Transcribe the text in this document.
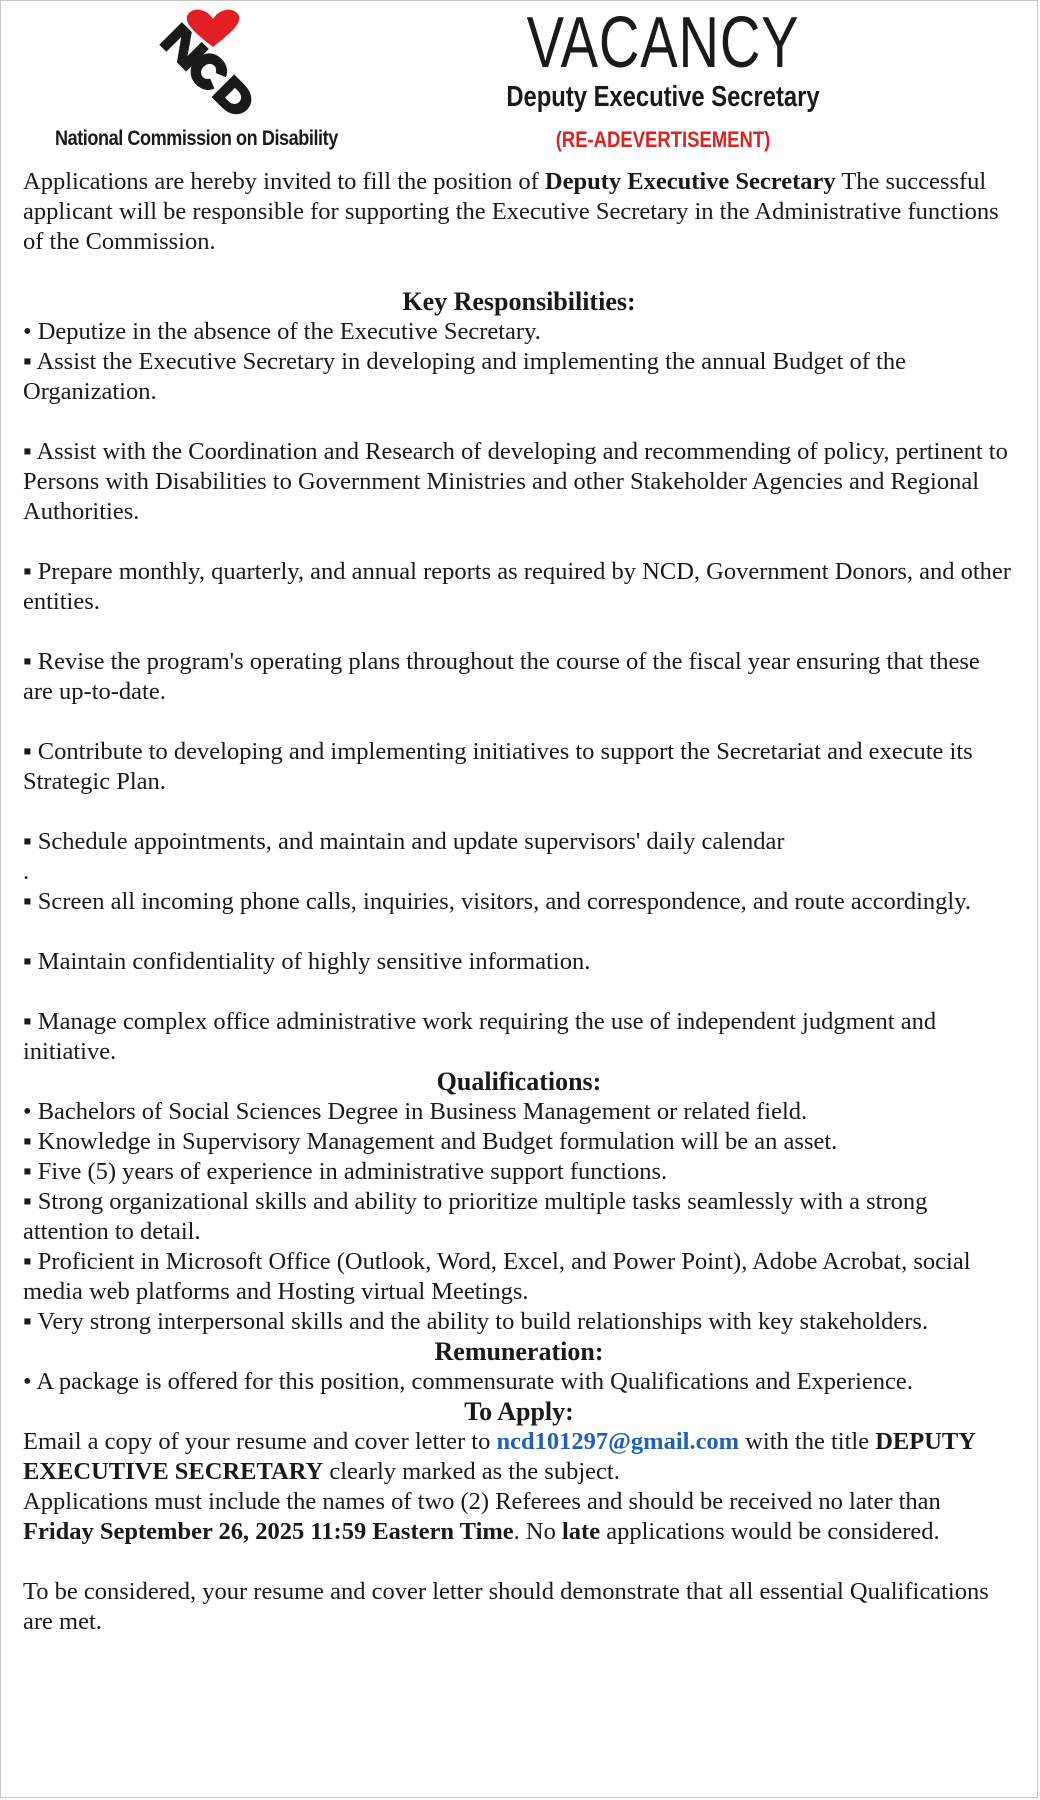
National Commission on Disability
VACANCY
Deputy Executive Secretary
(RE-ADEVERTISEMENT)

Applications are hereby invited to fill the position of Deputy Executive Secretary The successful applicant will be responsible for supporting the Executive Secretary in the Administrative functions of the Commission.

Key Responsibilities:

• Deputize in the absence of the Executive Secretary.

▪ Assist the Executive Secretary in developing and implementing the annual Budget of the Organization.

▪ Assist with the Coordination and Research of developing and recommending of policy, pertinent to Persons with Disabilities to Government Ministries and other Stakeholder Agencies and Regional Authorities.

▪ Prepare monthly, quarterly, and annual reports as required by NCD, Government Donors, and other entities.

▪ Revise the program's operating plans throughout the course of the fiscal year ensuring that these are up-to-date.

▪ Contribute to developing and implementing initiatives to support the Secretariat and execute its Strategic Plan.

▪ Schedule appointments, and maintain and update supervisors' daily calendar

.

▪ Screen all incoming phone calls, inquiries, visitors, and correspondence, and route accordingly.

▪ Maintain confidentiality of highly sensitive information.

▪ Manage complex office administrative work requiring the use of independent judgment and initiative.

Qualifications:

• Bachelors of Social Sciences Degree in Business Management or related field.

▪ Knowledge in Supervisory Management and Budget formulation will be an asset.

▪ Five (5) years of experience in administrative support functions.

▪ Strong organizational skills and ability to prioritize multiple tasks seamlessly with a strong attention to detail.

▪ Proficient in Microsoft Office (Outlook, Word, Excel, and Power Point), Adobe Acrobat, social media web platforms and Hosting virtual Meetings.

▪ Very strong interpersonal skills and the ability to build relationships with key stakeholders.

Remuneration:

• A package is offered for this position, commensurate with Qualifications and Experience.

To Apply:

Email a copy of your resume and cover letter to ncd101297@gmail.com with the title DEPUTY EXECUTIVE SECRETARY clearly marked as the subject.

Applications must include the names of two (2) Referees and should be received no later than Friday September 26, 2025 11:59 Eastern Time. No late applications would be considered.

To be considered, your resume and cover letter should demonstrate that all essential Qualifications are met.
